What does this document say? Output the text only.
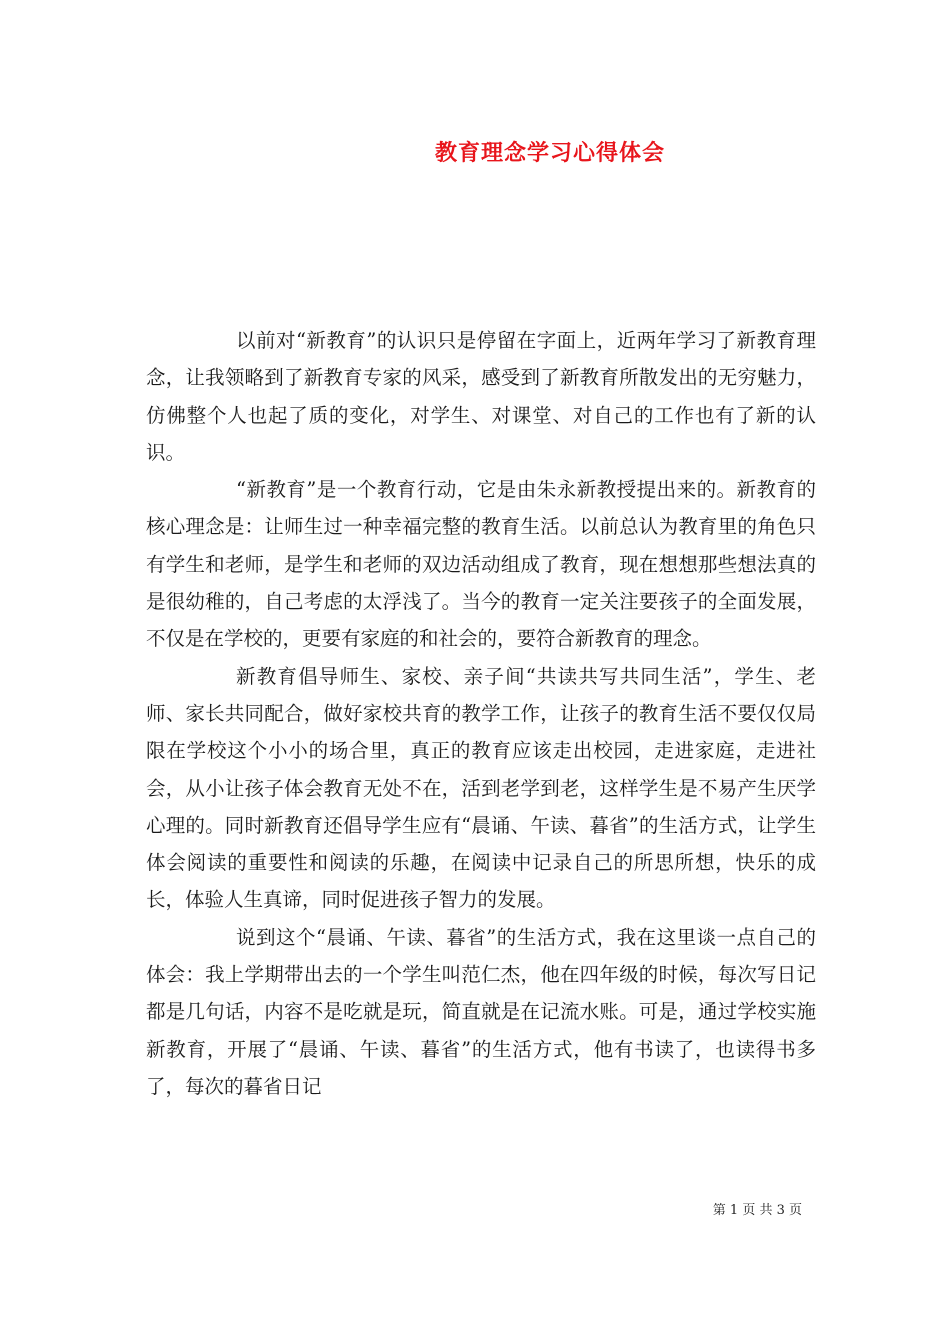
教育理念学习心得体会

以前对“新教育”的认识只是停留在字面上，近两年学习了新教育理念，让我领略到了新教育专家的风采，感受到了新教育所散发出的无穷魅力，仿佛整个人也起了质的变化，对学生、对课堂、对自己的工作也有了新的认识。

“新教育”是一个教育行动，它是由朱永新教授提出来的。新教育的核心理念是：让师生过一种幸福完整的教育生活。以前总认为教育里的角色只有学生和老师，是学生和老师的双边活动组成了教育，现在想想那些想法真的是很幼稚的，自己考虑的太浮浅了。当今的教育一定关注要孩子的全面发展，不仅是在学校的，更要有家庭的和社会的，要符合新教育的理念。

新教育倡导师生、家校、亲子间“共读共写共同生活”，学生、老师、家长共同配合，做好家校共育的教学工作，让孩子的教育生活不要仅仅局限在学校这个小小的场合里，真正的教育应该走出校园，走进家庭，走进社会，从小让孩子体会教育无处不在，活到老学到老，这样学生是不易产生厌学心理的。同时新教育还倡导学生应有“晨诵、午读、暮省”的生活方式，让学生体会阅读的重要性和阅读的乐趣，在阅读中记录自己的所思所想，快乐的成长，体验人生真谛，同时促进孩子智力的发展。

说到这个“晨诵、午读、暮省”的生活方式，我在这里谈一点自己的体会：我上学期带出去的一个学生叫范仁杰，他在四年级的时候，每次写日记都是几句话，内容不是吃就是玩，简直就是在记流水账。可是，通过学校实施新教育，开展了“晨诵、午读、暮省”的生活方式，他有书读了，也读得书多了，每次的暮省日记

第 1 页 共 3 页
